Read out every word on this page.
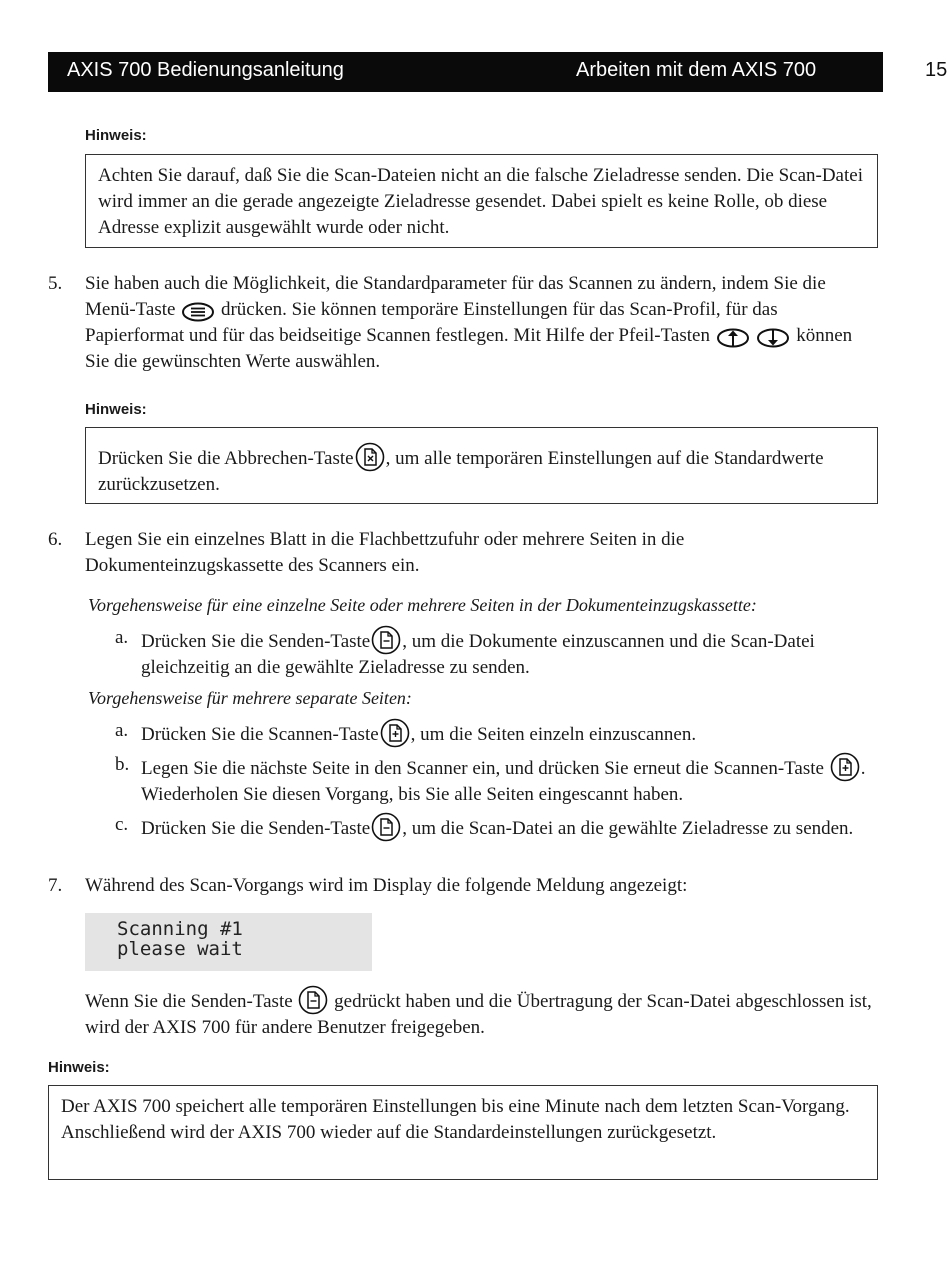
AXIS 700 Bedienungsanleitung	Arbeiten mit dem AXIS 700	15
Hinweis:
Achten Sie darauf, daß Sie die Scan-Dateien nicht an die falsche Zieladresse senden. Die Scan-Datei wird immer an die gerade angezeigte Zieladresse gesendet. Dabei spielt es keine Rolle, ob diese Adresse explizit ausgewählt wurde oder nicht.
5. Sie haben auch die Möglichkeit, die Standardparameter für das Scannen zu ändern, indem Sie die Menü-Taste drücken. Sie können temporäre Einstellungen für das Scan-Profil, für das Papierformat und für das beidseitige Scannen festlegen. Mit Hilfe der Pfeil-Tasten	können Sie die gewünschten Werte auswählen.
Hinweis:
Drücken Sie die Abbrechen-Taste , um alle temporären Einstellungen auf die Standardwerte zurückzusetzen.
6. Legen Sie ein einzelnes Blatt in die Flachbettzufuhr oder mehrere Seiten in die Dokumenteinzugskassette des Scanners ein.
Vorgehensweise für eine einzelne Seite oder mehrere Seiten in der Dokumenteinzugskassette:
a. Drücken Sie die Senden-Taste , um die Dokumente einzuscannen und die Scan-Datei gleichzeitig an die gewählte Zieladresse zu senden.
Vorgehensweise für mehrere separate Seiten:
a. Drücken Sie die Scannen-Taste , um die Seiten einzeln einzuscannen.
b. Legen Sie die nächste Seite in den Scanner ein, und drücken Sie erneut die Scannen-Taste . Wiederholen Sie diesen Vorgang, bis Sie alle Seiten eingescannt haben.
c. Drücken Sie die Senden-Taste , um die Scan-Datei an die gewählte Zieladresse zu senden.
7. Während des Scan-Vorgangs wird im Display die folgende Meldung angezeigt:
Scanning #1
please wait
Wenn Sie die Senden-Taste gedrückt haben und die Übertragung der Scan-Datei abgeschlossen ist, wird der AXIS 700 für andere Benutzer freigegeben.
Hinweis:
Der AXIS 700 speichert alle temporären Einstellungen bis eine Minute nach dem letzten Scan-Vorgang. Anschließend wird der AXIS 700 wieder auf die Standardeinstellungen zurückgesetzt.
